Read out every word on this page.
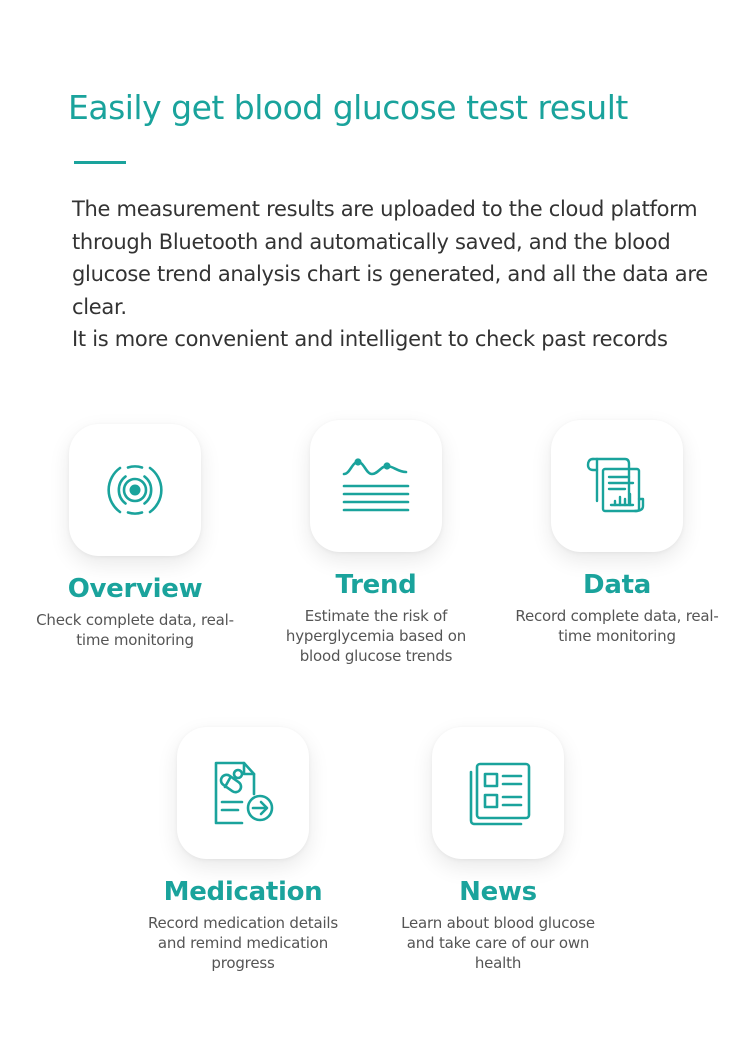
Easily get blood glucose test result

The measurement results are uploaded to the cloud platform through Bluetooth and automatically saved, and the blood glucose trend analysis chart is generated, and all the data are clear.

It is more convenient and intelligent to check past records

Overview
Check complete data, real-time monitoring
Trend
Estimate the risk of hyperglycemia based on blood glucose trends
Data
Record complete data, real-time monitoring
Medication
Record medication details and remind medication progress
News
Learn about blood glucose and take care of our own health
